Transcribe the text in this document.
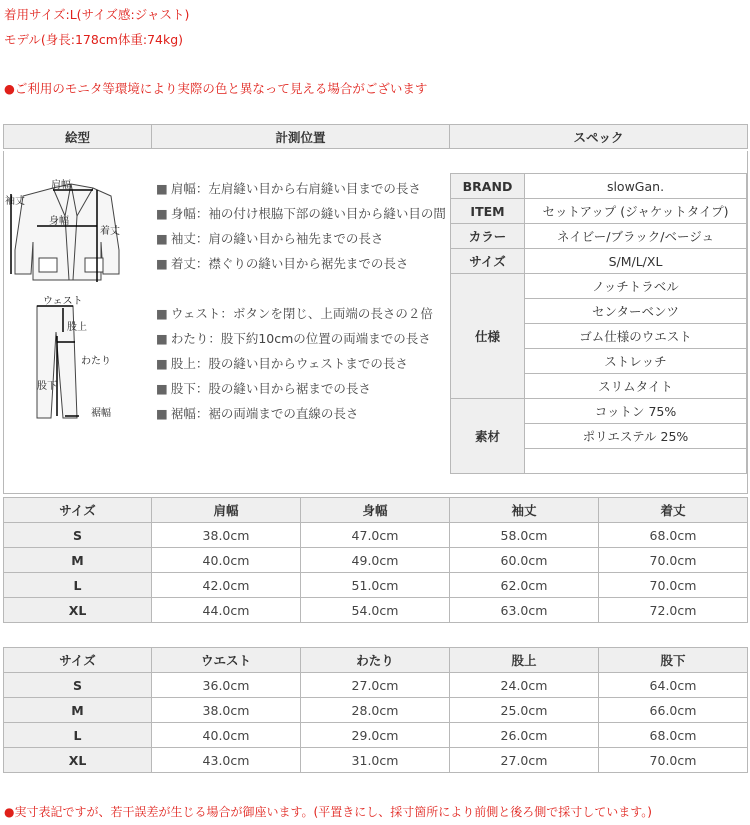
着用サイズ:L(サイズ感:ジャスト)
モデル(身長:178cm体重:74kg)
●ご利用のモニタ等環境により実際の色と異なって見える場合がございます
絵型	計測位置	スペック
肩幅
身幅
袖丈
着丈
ウェスト
股上
わたり
股下
裾幅
■ 肩幅：左肩縫い目から右肩縫い目までの長さ
■ 身幅：袖の付け根脇下部の縫い目から縫い目の間
■ 袖丈：肩の縫い目から袖先までの長さ
■ 着丈：襟ぐりの縫い目から裾先までの長さ
■ ウェスト：ボタンを閉じ、上両端の長さの２倍
■ わたり：股下約10cmの位置の両端までの長さ
■ 股上：股の縫い目からウェストまでの長さ
■ 股下：股の縫い目から裾までの長さ
■ 裾幅：裾の両端までの直線の長さ
BRAND	slowGan.
ITEM	セットアップ (ジャケットタイプ)
カラー	ネイビー/ブラック/ベージュ
サイズ	S/M/L/XL
仕様	ノッチトラベル
	センターベンツ
	ゴム仕様のウエスト
	ストレッチ
	スリムタイト
素材	コットン 75%
	ポリエステル 25%

サイズ	肩幅	身幅	袖丈	着丈
S	38.0cm	47.0cm	58.0cm	68.0cm
M	40.0cm	49.0cm	60.0cm	70.0cm
L	42.0cm	51.0cm	62.0cm	70.0cm
XL	44.0cm	54.0cm	63.0cm	72.0cm
サイズ	ウエスト	わたり	股上	股下
S	36.0cm	27.0cm	24.0cm	64.0cm
M	38.0cm	28.0cm	25.0cm	66.0cm
L	40.0cm	29.0cm	26.0cm	68.0cm
XL	43.0cm	31.0cm	27.0cm	70.0cm
●実寸表記ですが、若干誤差が生じる場合が御座います。(平置きにし、採寸箇所により前側と後ろ側で採寸しています。)
